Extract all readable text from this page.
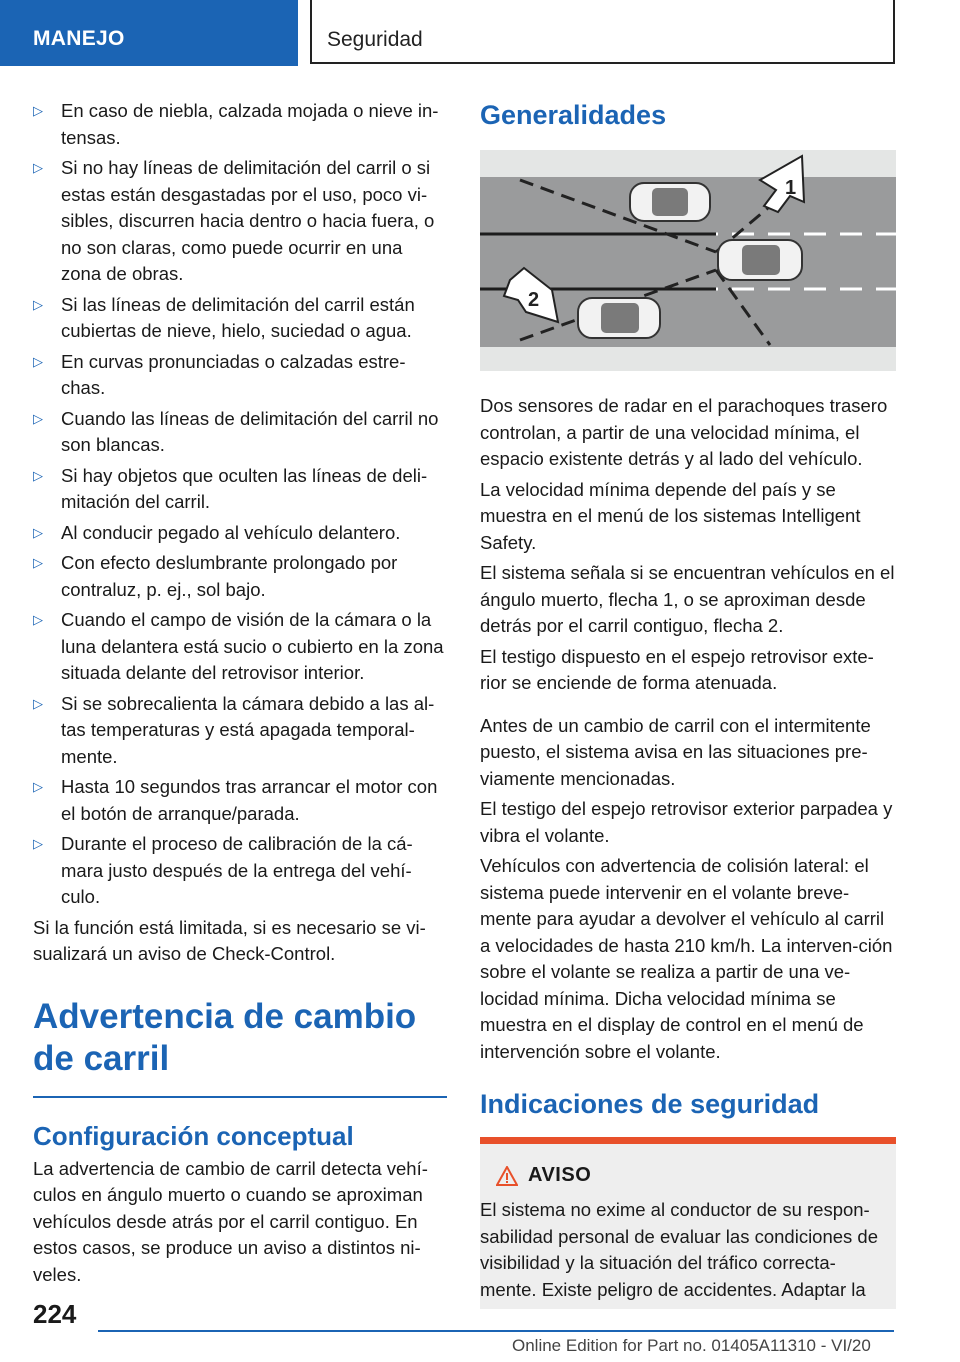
MANEJO	Seguridad
▷ En caso de niebla, calzada mojada o nieve in-tensas.
▷ Si no hay líneas de delimitación del carril o si estas están desgastadas por el uso, poco vi-sibles, discurren hacia dentro o hacia fuera, o no son claras, como puede ocurrir en una zona de obras.
▷ Si las líneas de delimitación del carril están cubiertas de nieve, hielo, suciedad o agua.
▷ En curvas pronunciadas o calzadas estre-chas.
▷ Cuando las líneas de delimitación del carril no son blancas.
▷ Si hay objetos que oculten las líneas de deli-mitación del carril.
▷ Al conducir pegado al vehículo delantero.
▷ Con efecto deslumbrante prolongado por contraluz, p. ej., sol bajo.
▷ Cuando el campo de visión de la cámara o la luna delantera está sucio o cubierto en la zona situada delante del retrovisor interior.
▷ Si se sobrecalienta la cámara debido a las al-tas temperaturas y está apagada temporal-mente.
▷ Hasta 10 segundos tras arrancar el motor con el botón de arranque/parada.
▷ Durante el proceso de calibración de la cá-mara justo después de la entrega del vehí-culo.

Si la función está limitada, si es necesario se vi-sualizará un aviso de Check-Control.

Advertencia de cambio de carril
Configuración conceptual

La advertencia de cambio de carril detecta vehí-culos en ángulo muerto o cuando se aproximan vehículos desde atrás por el carril contiguo. En estos casos, se produce un aviso a distintos ni-veles.

Generalidades
1
2

Dos sensores de radar en el parachoques trasero controlan, a partir de una velocidad mínima, el espacio existente detrás y al lado del vehículo.

La velocidad mínima depende del país y se muestra en el menú de los sistemas Intelligent Safety.

El sistema señala si se encuentran vehículos en el ángulo muerto, flecha 1, o se aproximan desde detrás por el carril contiguo, flecha 2.

El testigo dispuesto en el espejo retrovisor exte-rior se enciende de forma atenuada.

Antes de un cambio de carril con el intermitente puesto, el sistema avisa en las situaciones pre-viamente mencionadas.

El testigo del espejo retrovisor exterior parpadea y vibra el volante.

Vehículos con advertencia de colisión lateral: el sistema puede intervenir en el volante breve-mente para ayudar a devolver el vehículo al carril a velocidades de hasta 210 km/h. La interven-ción sobre el volante se realiza a partir de una ve-locidad mínima. Dicha velocidad mínima se muestra en el display de control en el menú de intervención sobre el volante.

Indicaciones de seguridad
AVISO

El sistema no exime al conductor de su respon-sabilidad personal de evaluar las condiciones de visibilidad y la situación del tráfico correcta-mente. Existe peligro de accidentes. Adaptar la

224
Online Edition for Part no. 01405A11310 - VI/20
